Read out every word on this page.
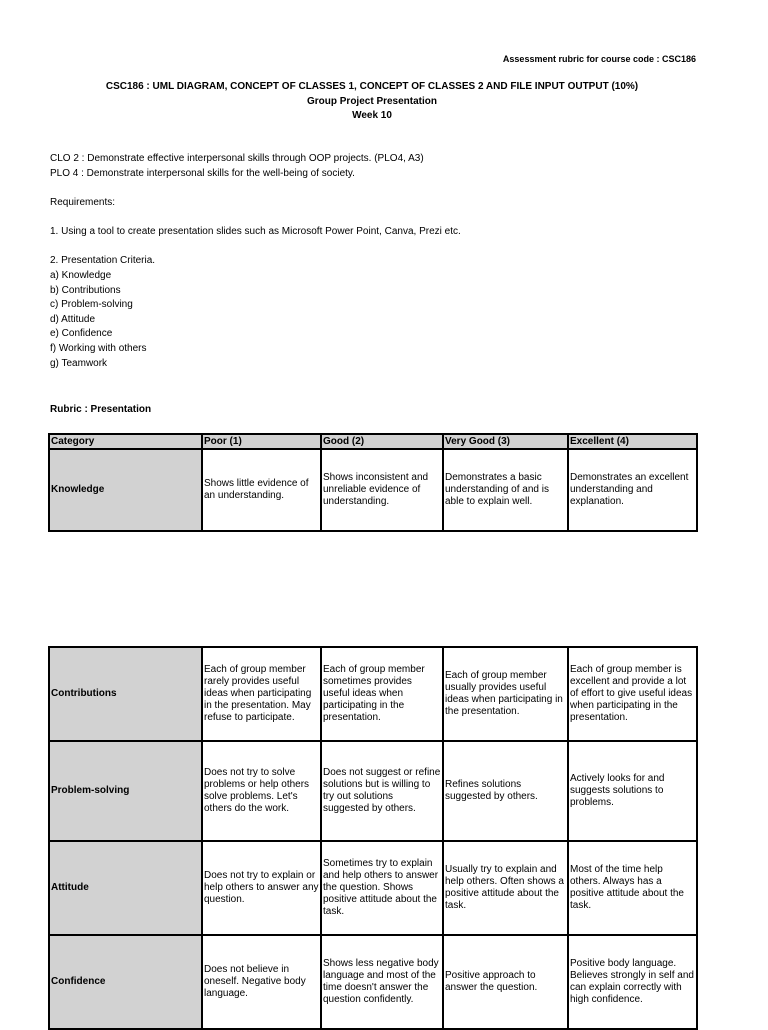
Assessment rubric for course code : CSC186
CSC186 : UML DIAGRAM, CONCEPT OF CLASSES 1, CONCEPT OF CLASSES 2 AND FILE INPUT OUTPUT (10%)
Group Project Presentation
Week 10
CLO 2 : Demonstrate effective interpersonal skills through OOP projects. (PLO4, A3)
PLO 4 : Demonstrate interpersonal skills for the well-being of society.
Requirements:
1. Using a tool to create presentation slides such as Microsoft Power Point, Canva, Prezi etc.
2. Presentation Criteria.
a) Knowledge
b) Contributions
c) Problem-solving
d) Attitude
e) Confidence
f) Working with others
g) Teamwork
Rubric : Presentation
Category	Poor (1)	Good (2)	Very Good (3)	Excellent (4)
Knowledge	Shows little evidence of an understanding.	Shows inconsistent and unreliable evidence of understanding.	Demonstrates a basic understanding of and is able to explain well.	Demonstrates an excellent understanding and explanation.
Contributions	Each of group member rarely provides useful ideas when participating in the presentation. May refuse to participate.	Each of group member sometimes provides useful ideas when participating in the presentation.	Each of group member usually provides useful ideas when participating in the presentation.	Each of group member is excellent and provide a lot of effort to give useful ideas when participating in the presentation.
Problem-solving	Does not try to solve problems or help others solve problems. Let's others do the work.	Does not suggest or refine solutions but is willing to try out solutions suggested by others.	Refines solutions suggested by others.	Actively looks for and suggests solutions to problems.
Attitude	Does not try to explain or help others to answer any question.	Sometimes try to explain and help others to answer the question. Shows positive attitude about the task.	Usually try to explain and help others. Often shows a positive attitude about the task.	Most of the time help others. Always has a positive attitude about the task.
Confidence	Does not believe in oneself. Negative body language.	Shows less negative body language and most of the time doesn't answer the question confidently.	Positive approach to answer the question.	Positive body language. Believes strongly in self and can explain correctly with high confidence.
